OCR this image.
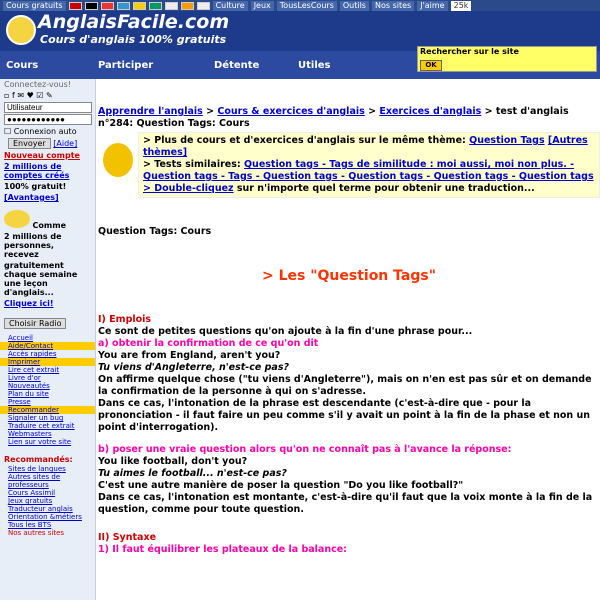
Cours gratuits	Culture	Jeux	TousLesCours	Outils	Nos sites	J'aime	25k
AnglaisFacile.com
Cours d'anglais 100% gratuits
Cours	Participer	Détente	Utiles
Rechercher sur le site
OK
Connectez-vous!
▫ f ✉ ♥ ☑ ✎
Utilisateur
●●●●●●●●●●●●
☐ Connexion auto
Envoyer [Aide]
Nouveau compte
2 millions de comptes créés
100% gratuit!
[Avantages]
Comme
2 millions de personnes, recevez
gratuitement chaque semaine une leçon d'anglais...
Cliquez ici!
Choisir Radio
Accueil
Aide/Contact
Accès rapides
Imprimer
Lire cet extrait
Livre d'or
Nouveautés
Plan du site
Presse
Recommander
Signaler un bug
Traduire cet extrait
Webmasters
Lien sur votre site
Recommandés:
Sites de langues
Autres sites de professeurs
Cours Assimil
Jeux gratuits
Traducteur anglais
Orientation &métiers
Tous les BTS
Nos autres sites
Apprendre l'anglais > Cours & exercices d'anglais > Exercices d'anglais > test d'anglais n°284: Question Tags: Cours
> Plus de cours et d'exercices d'anglais sur le même thème: Question Tags [Autres thèmes]
> Tests similaires: Question tags - Tags de similitude : moi aussi, moi non plus. - Question tags - Tags - Question tags - Question tags - Question tags - Question tags
> Double-cliquez sur n'importe quel terme pour obtenir une traduction...
Question Tags: Cours
> Les "Question Tags"

I) Emplois

Ce sont de petites questions qu'on ajoute à la fin d'une phrase pour...

a) obtenir la confirmation de ce qu'on dit

You are from England, aren't you?

Tu viens d'Angleterre, n'est-ce pas?

On affirme quelque chose ("tu viens d'Angleterre"), mais on n'en est pas sûr et on demande la confirmation de la personne à qui on s'adresse.

Dans ce cas, l'intonation de la phrase est descendante (c'est-à-dire que - pour la prononciation - il faut faire un peu comme s'il y avait un point à la fin de la phase et non un point d'interrogation).

b) poser une vraie question alors qu'on ne connaît pas à l'avance la réponse:

You like football, don't you?

Tu aimes le football... n'est-ce pas?

C'est une autre manière de poser la question "Do you like football?"

Dans ce cas, l'intonation est montante, c'est-à-dire qu'il faut que la voix monte à la fin de la question, comme pour toute question.

II) Syntaxe

1) Il faut équilibrer les plateaux de la balance:
